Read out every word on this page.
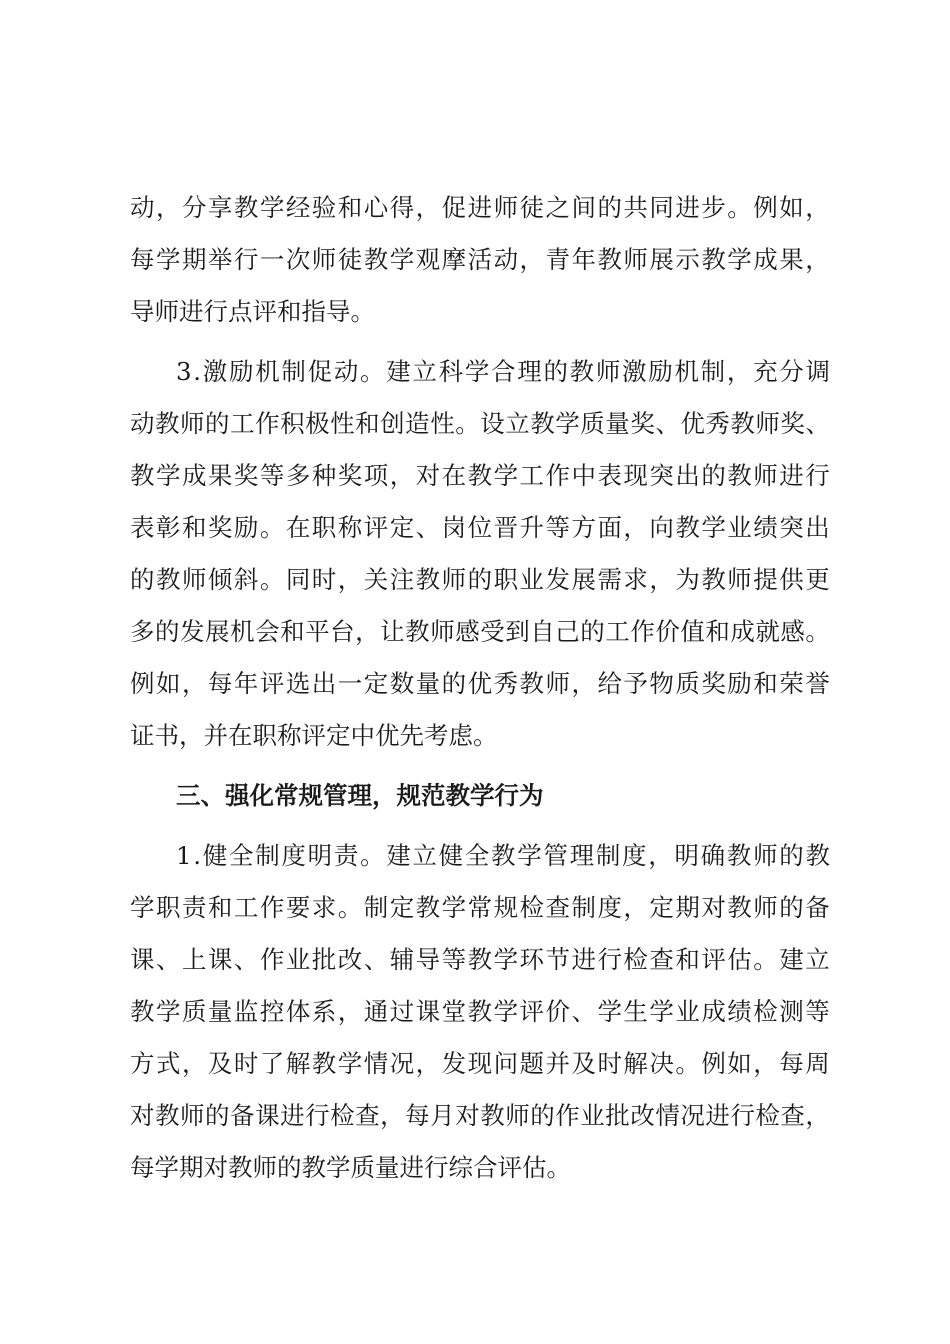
动 ， 分 享 教 学 经 验 和 心 得 ， 促 进 师 徒 之 间 的 共 同 进 步 。 例 如 ，
每 学 期 举 行 一 次 师 徒 教 学 观 摩 活 动 ， 青 年 教 师 展 示 教 学 成 果 ，
导师进行点评和指导。
3 . 激 励 机 制 促 动 。 建 立 科 学 合 理 的 教 师 激 励 机 制 ， 充 分 调
动 教 师 的 工 作 积 极 性 和 创 造 性 。 设 立 教 学 质 量 奖 、 优 秀 教 师 奖 、
教 学 成 果 奖 等 多 种 奖 项 ， 对 在 教 学 工 作 中 表 现 突 出 的 教 师 进 行
表 彰 和 奖 励 。 在 职 称 评 定 、 岗 位 晋 升 等 方 面 ， 向 教 学 业 绩 突 出
的 教 师 倾 斜 。 同 时 ， 关 注 教 师 的 职 业 发 展 需 求 ， 为 教 师 提 供 更
多 的 发 展 机 会 和 平 台 ， 让 教 师 感 受 到 自 己 的 工 作 价 值 和 成 就 感 。
例 如 ， 每 年 评 选 出 一 定 数 量 的 优 秀 教 师 ， 给 予 物 质 奖 励 和 荣 誉
证书，并在职称评定中优先考虑。
三、强化常规管理，规范教学行为
1 . 健 全 制 度 明 责 。 建 立 健 全 教 学 管 理 制 度 ， 明 确 教 师 的 教
学 职 责 和 工 作 要 求 。 制 定 教 学 常 规 检 查 制 度 ， 定 期 对 教 师 的 备
课 、 上 课 、 作 业 批 改 、 辅 导 等 教 学 环 节 进 行 检 查 和 评 估 。 建 立
教 学 质 量 监 控 体 系 ， 通 过 课 堂 教 学 评 价 、 学 生 学 业 成 绩 检 测 等
方 式 ， 及 时 了 解 教 学 情 况 ， 发 现 问 题 并 及 时 解 决 。 例 如 ， 每 周
对 教 师 的 备 课 进 行 检 查 ， 每 月 对 教 师 的 作 业 批 改 情 况 进 行 检 查 ，
每学期对教师的教学质量进行综合评估。
